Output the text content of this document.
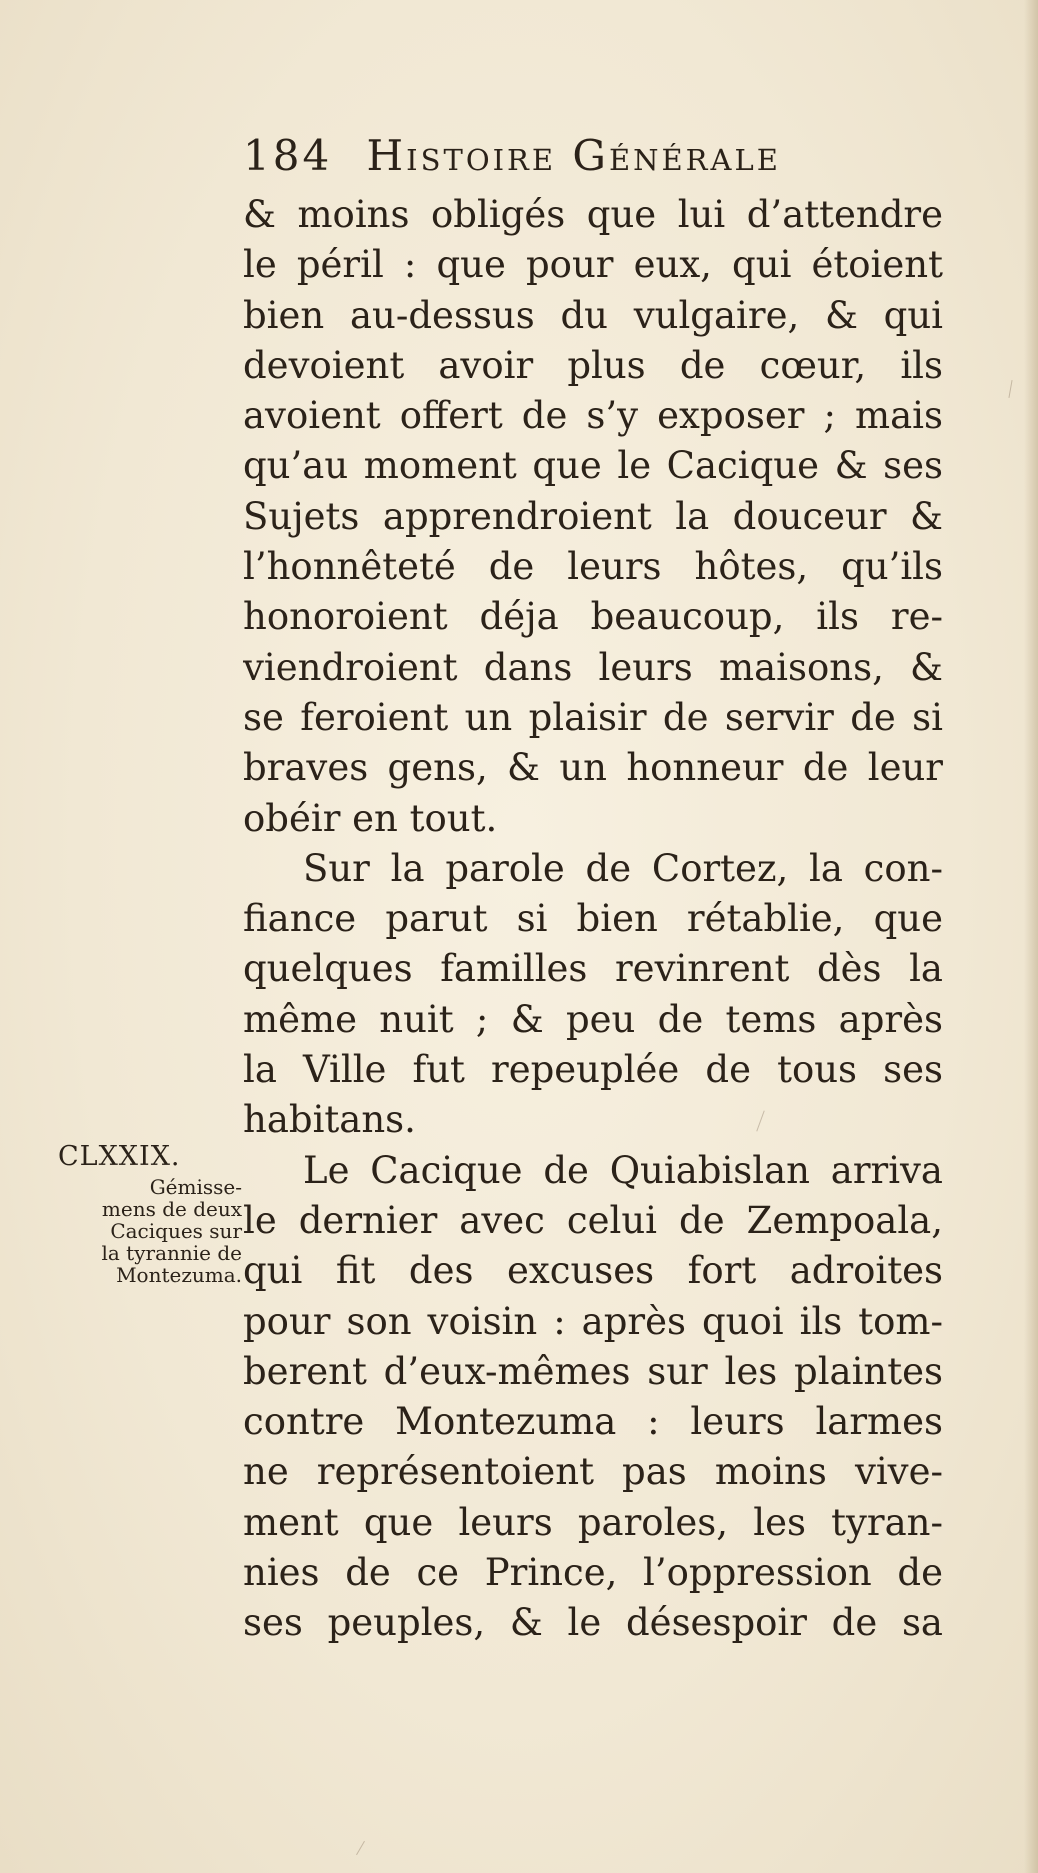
184 Histoire Générale
& moins obligés que lui d’attendre
le péril : que pour eux, qui étoient
bien au-dessus du vulgaire, & qui
devoient avoir plus de cœur, ils
avoient offert de s’y exposer ; mais
qu’au moment que le Cacique & ses
Sujets apprendroient la douceur &
l’honnêteté de leurs hôtes, qu’ils
honoroient déja beaucoup, ils re-
viendroient dans leurs maisons, &
se feroient un plaisir de servir de si
braves gens, & un honneur de leur
obéir en tout.
Sur la parole de Cortez, la con-
fiance parut si bien rétablie, que
quelques familles revinrent dès la
même nuit ; & peu de tems après
la Ville fut repeuplée de tous ses
habitans.
Le Cacique de Quiabislan arriva
le dernier avec celui de Zempoala,
qui fit des excuses fort adroites
pour son voisin : après quoi ils tom-
berent d’eux-mêmes sur les plaintes
contre Montezuma : leurs larmes
ne représentoient pas moins vive-
ment que leurs paroles, les tyran-
nies de ce Prince, l’oppression de
ses peuples, & le désespoir de sa
CLXXIX.
Gémisse-
mens de deux
Caciques sur
la tyrannie de
Montezuma.
